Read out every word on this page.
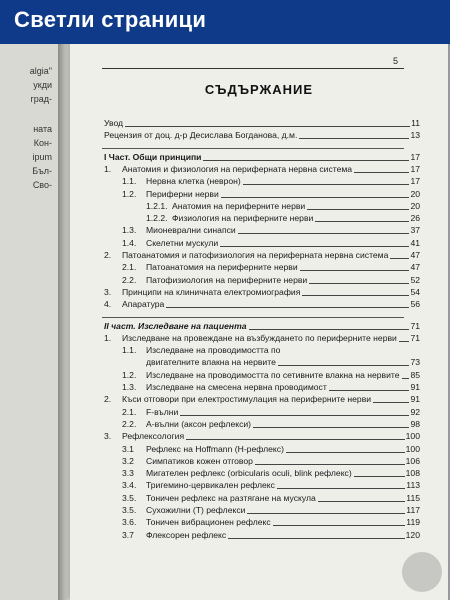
Светли страници
algia"
укди
град-
ната
Кон-
ipum
Бъл-
Сво-
5
СЪДЪРЖАНИЕ
Увод	11
Рецензия от доц. д-р Десислава Богданова, д.м.	13
I Част. Общи принципи	17
1.	Анатомия и физиология на периферната нервна система	17
1.1.	Нервна клетка (неврон)	17
1.2.	Периферни нерви	20
1.2.1. Анатомия на периферните нерви	20
1.2.2. Физиология на периферните нерви	26
1.3.	Мионеврални синапси	37
1.4.	Скелетни мускули	41
2.	Патоанатомия и патофизиология на периферната нервна система	47
2.1.	Патоанатомия на периферните нерви	47
2.2.	Патофизиология на периферните нерви	52
3.	Принципи на клиничната електромиография	54
4.	Апаратура	56
II част. Изследване на пациента	71
1.	Изследване на провеждане на възбуждането по периферните нерви 71
1.1. Изследване на проводимостта по
двигателните влакна на нервите	73
1.2.	Изследване на проводимостта по сетивните влакна на нервите 85
1.3.	Изследване на смесена нервна проводимост	91
2.	Къси отговори при електростимулация на периферните нерви	91
2.1.	F-вълни	92
2.2.	А-вълни (аксон рефлекси)	98
3.	Рефлексология	100
3.1	Рефлекс на Hoffmann (H-рефлекс)	100
3.2	Симпатиков кожен отговор	106
3.3	Мигателен рефлекс (orbicularis oculi, blink рефлекс)	108
3.4.	Тригемино-цервикален рефлекс	113
3.5.	Тоничен рефлекс на разтягане на мускула	115
3.5.	Сухожилни (T) рефлекси	117
3.6.	Тоничен вибрационен рефлекс	119
3.7	Флексорен рефлекс	120
